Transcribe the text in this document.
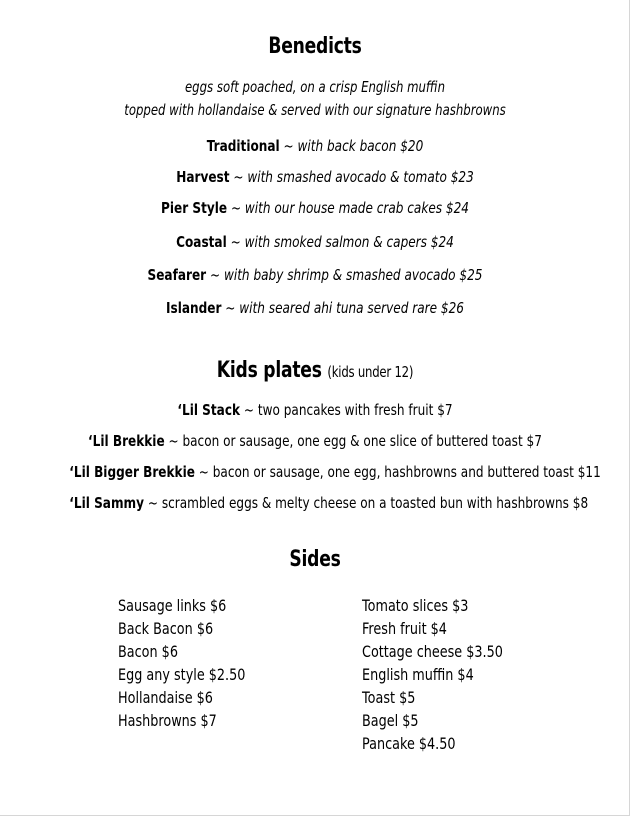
Benedicts
eggs soft poached, on a crisp English muffin
topped with hollandaise & served with our signature hashbrowns
Traditional ~ with back bacon $20
Harvest ~ with smashed avocado & tomato $23
Pier Style ~ with our house made crab cakes $24
Coastal ~ with smoked salmon & capers $24
Seafarer ~ with baby shrimp & smashed avocado $25
Islander ~ with seared ahi tuna served rare $26
Kids plates (kids under 12)
‘Lil Stack ~ two pancakes with fresh fruit $7
‘Lil Brekkie ~ bacon or sausage, one egg & one slice of buttered toast $7
‘Lil Bigger Brekkie ~ bacon or sausage, one egg, hashbrowns and buttered toast $11
‘Lil Sammy ~ scrambled eggs & melty cheese on a toasted bun with hashbrowns $8
Sides
Sausage links $6
Back Bacon $6
Bacon $6
Egg any style $2.50
Hollandaise $6
Hashbrowns $7
Tomato slices $3
Fresh fruit $4
Cottage cheese $3.50
English muffin $4
Toast $5
Bagel $5
Pancake $4.50
